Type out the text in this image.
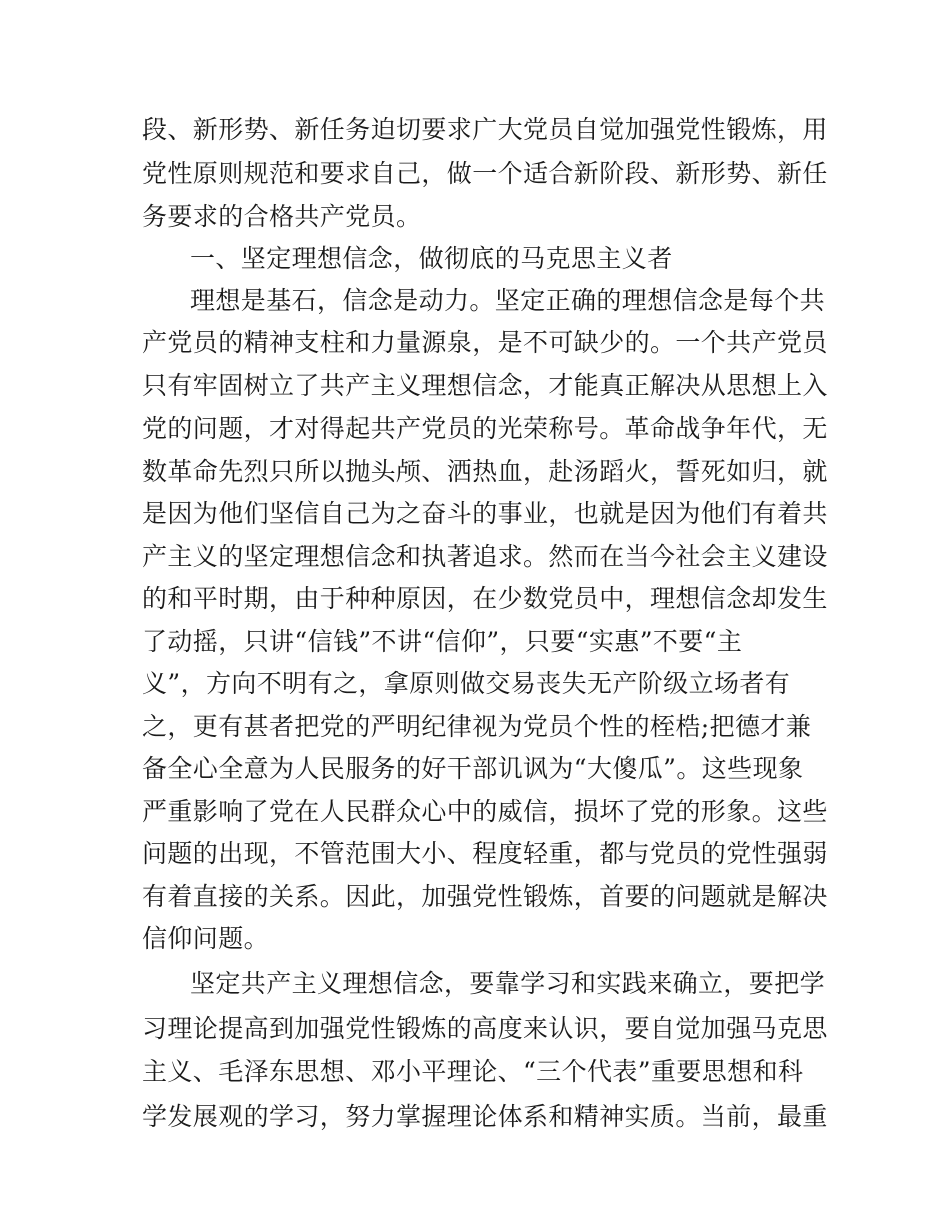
段、新形势、新任务迫切要求广大党员自觉加强党性锻炼，用

党性原则规范和要求自己，做一个适合新阶段、新形势、新任

务要求的合格共产党员。

一、坚定理想信念，做彻底的马克思主义者

理想是基石，信念是动力。坚定正确的理想信念是每个共

产党员的精神支柱和力量源泉，是不可缺少的。一个共产党员

只有牢固树立了共产主义理想信念，才能真正解决从思想上入

党的问题，才对得起共产党员的光荣称号。革命战争年代，无

数革命先烈只所以抛头颅、洒热血，赴汤蹈火，誓死如归，就

是因为他们坚信自己为之奋斗的事业，也就是因为他们有着共

产主义的坚定理想信念和执著追求。然而在当今社会主义建设

的和平时期，由于种种原因，在少数党员中，理想信念却发生

了动摇，只讲“信钱”不讲“信仰”，只要“实惠”不要“主

义”，方向不明有之，拿原则做交易丧失无产阶级立场者有

之，更有甚者把党的严明纪律视为党员个性的桎梏;把德才兼

备全心全意为人民服务的好干部讥讽为“大傻瓜”。这些现象

严重影响了党在人民群众心中的威信，损坏了党的形象。这些

问题的出现，不管范围大小、程度轻重，都与党员的党性强弱

有着直接的关系。因此，加强党性锻炼，首要的问题就是解决

信仰问题。

坚定共产主义理想信念，要靠学习和实践来确立，要把学

习理论提高到加强党性锻炼的高度来认识，要自觉加强马克思

主义、毛泽东思想、邓小平理论、“三个代表”重要思想和科

学发展观的学习，努力掌握理论体系和精神实质。当前，最重
